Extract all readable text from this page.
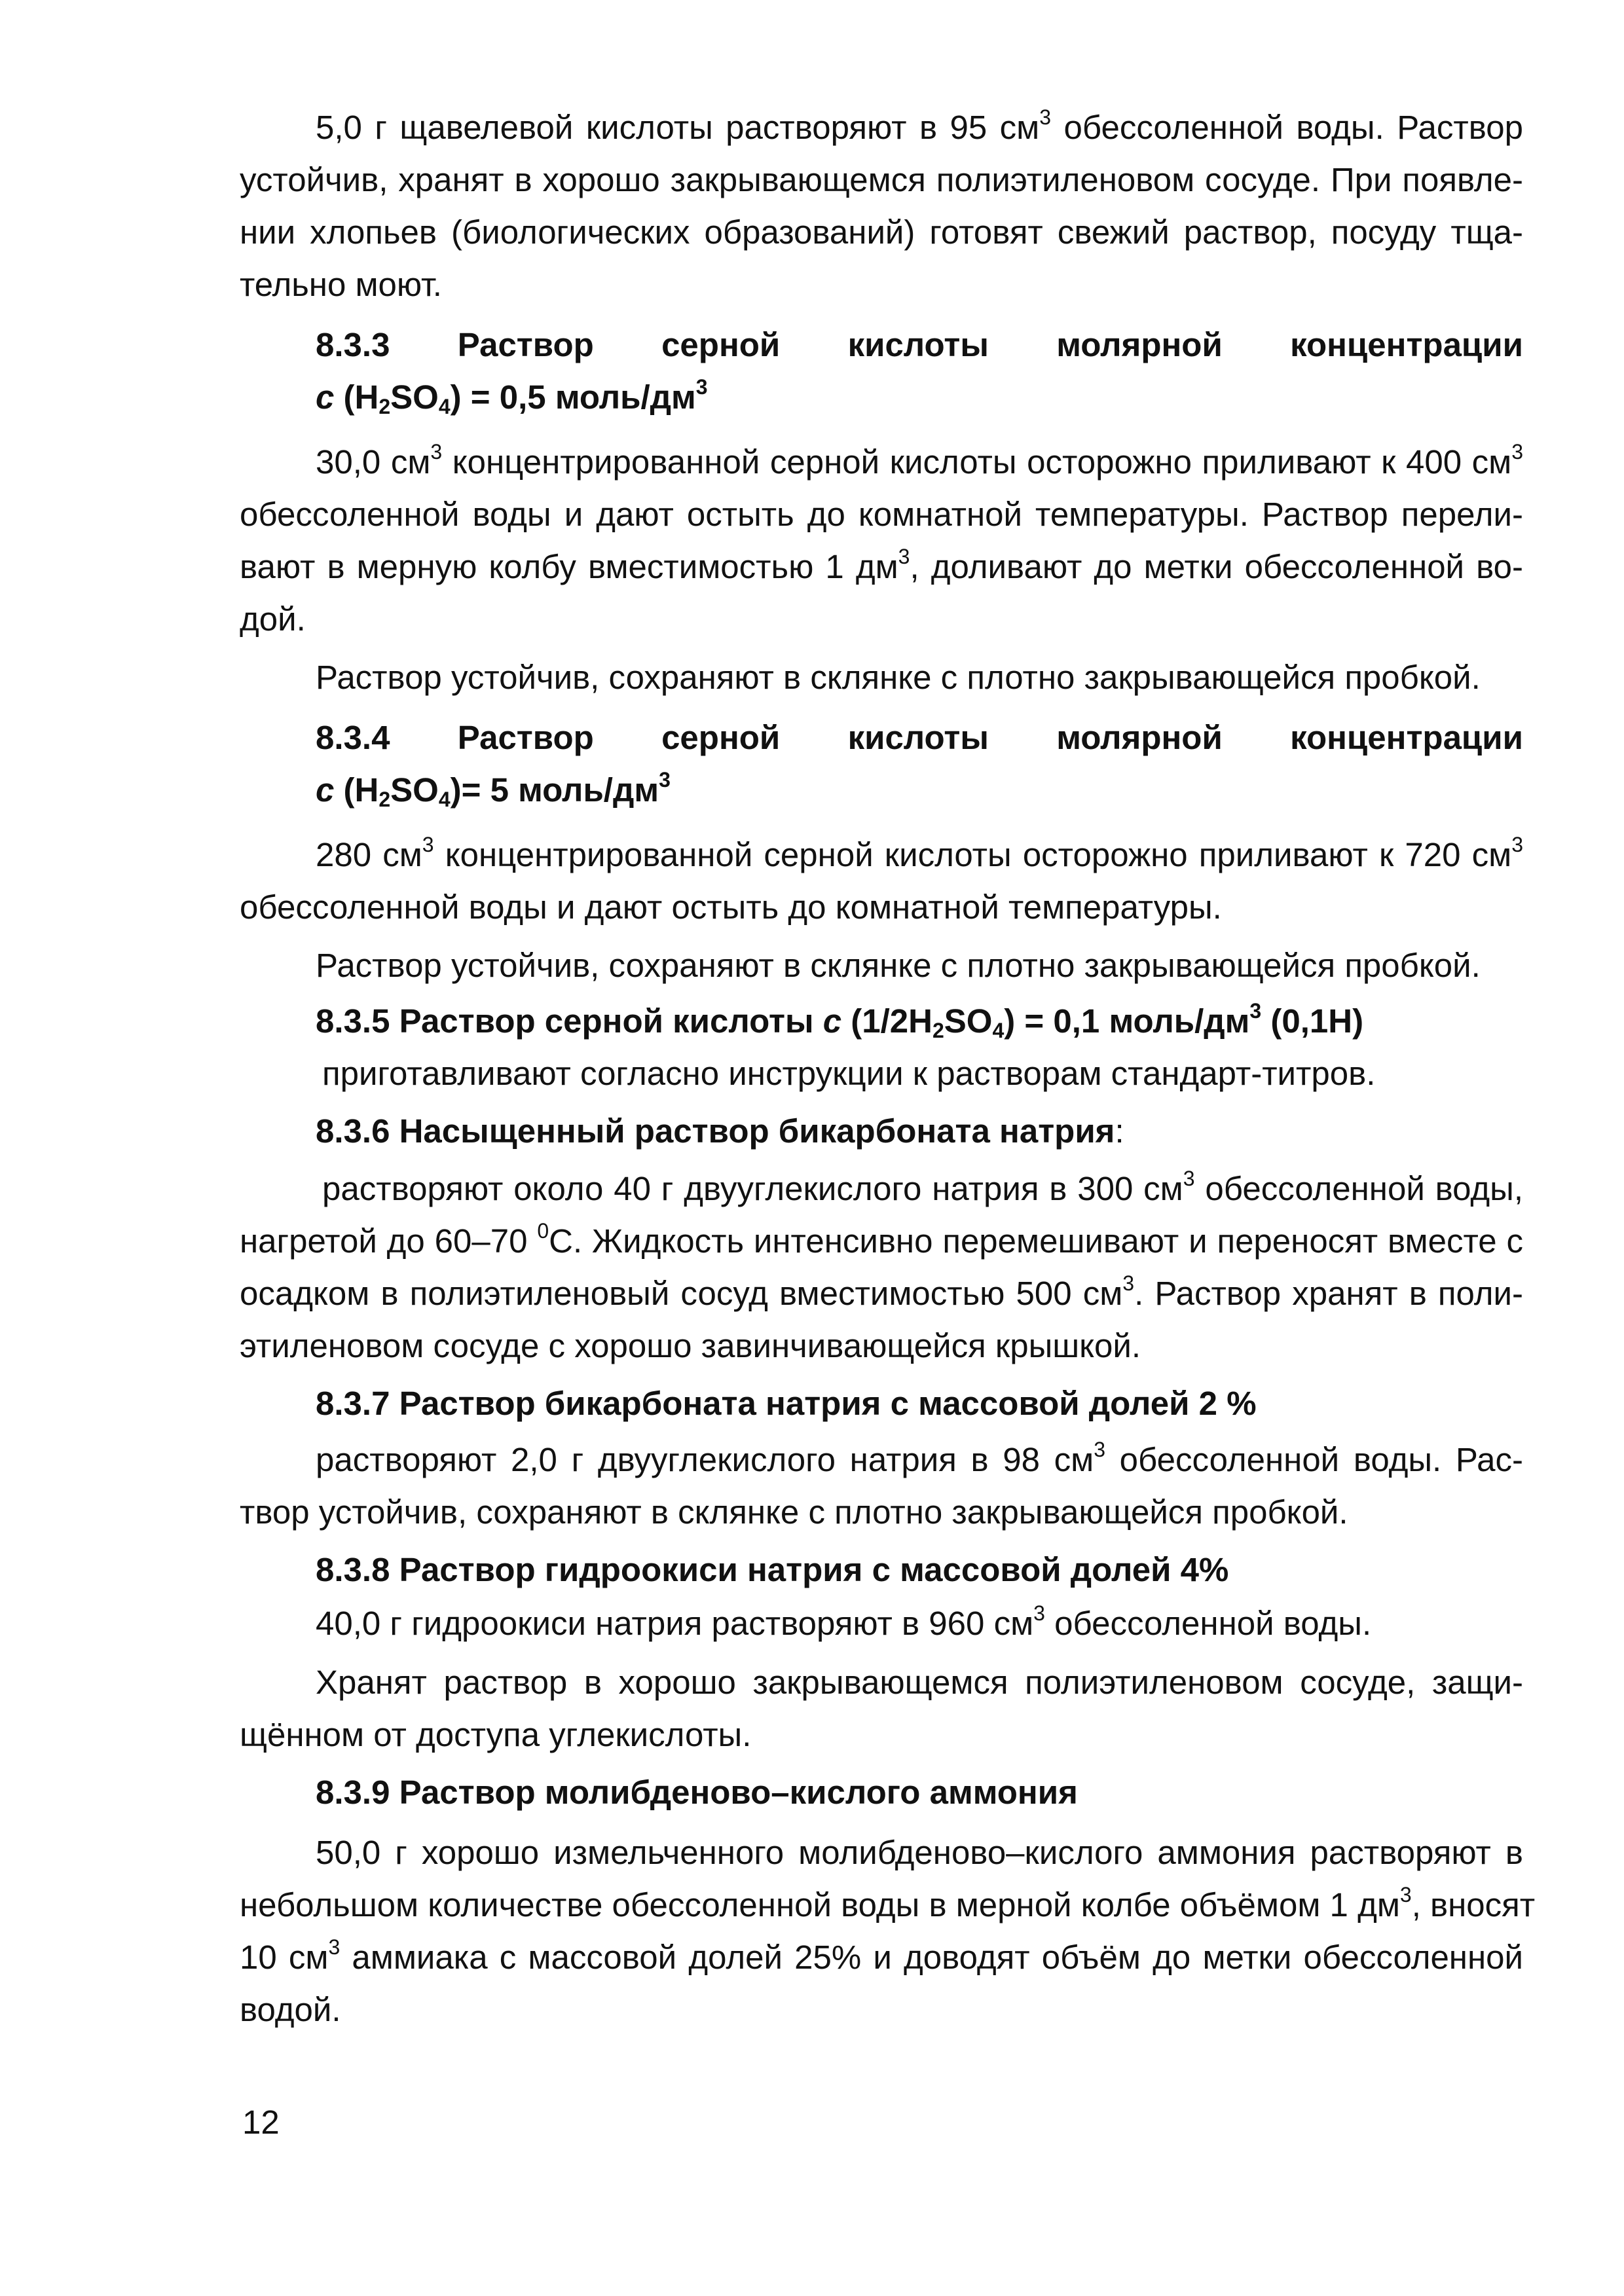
5,0 г щавелевой кислоты растворяют в 95 $см^3$ обессоленной воды. Раствор
устойчив, хранят в хорошо закрывающемся полиэтиленовом сосуде. При появле-
нии хлопьев (биологических образований) готовят свежий раствор, посуду тща-
тельно моют.
8.3.3 Раствор серной кислоты молярной концентрации
с $(H_2SO_4) = 0,5$ моль/$дм^3$
30,0 $см^3$ концентрированной серной кислоты осторожно приливают к 400 $см^3$
обессоленной воды и дают остыть до комнатной температуры. Раствор перели-
вают в мерную колбу вместимостью 1 $дм^3$, доливают до метки обессоленной во-
дой.
Раствор устойчив, сохраняют в склянке с плотно закрывающейся пробкой.
8.3.4 Раствор серной кислоты молярной концентрации
с $(H_2SO_4)= 5$ моль/$дм^3$
280 $см^3$ концентрированной серной кислоты осторожно приливают к 720 $см^3$
обессоленной воды и дают остыть до комнатной температуры.
Раствор устойчив, сохраняют в склянке с плотно закрывающейся пробкой.
8.3.5 Раствор серной кислоты с $(1/2H_2SO_4) = 0,1$ моль/$дм^3$ (0,1Н)
приготавливают согласно инструкции к растворам стандарт-титров.
8.3.6 Насыщенный раствор бикарбоната натрия:
растворяют около 40 г двууглекислого натрия в 300 $см^3$ обессоленной воды,
нагретой до 60–70 $^0$С. Жидкость интенсивно перемешивают и переносят вместе с
осадком в полиэтиленовый сосуд вместимостью 500 $см^3$. Раствор хранят в поли-
этиленовом сосуде с хорошо завинчивающейся крышкой.
8.3.7 Раствор бикарбоната натрия с массовой долей 2 %
растворяют 2,0 г двууглекислого натрия в 98 $см^3$ обессоленной воды. Рас-
твор устойчив, сохраняют в склянке с плотно закрывающейся пробкой.
8.3.8 Раствор гидроокиси натрия с массовой долей 4%
40,0 г гидроокиси натрия растворяют в 960 $см^3$ обессоленной воды.
Хранят раствор в хорошо закрывающемся полиэтиленовом сосуде, защи-
щённом от доступа углекислоты.
8.3.9 Раствор молибденово–кислого аммония
50,0 г хорошо измельченного молибденово–кислого аммония растворяют в
небольшом количестве обессоленной воды в мерной колбе объёмом 1 $дм^3$, вносят
10 $см^3$ аммиака с массовой долей 25% и доводят объём до метки обессоленной
водой.
12
